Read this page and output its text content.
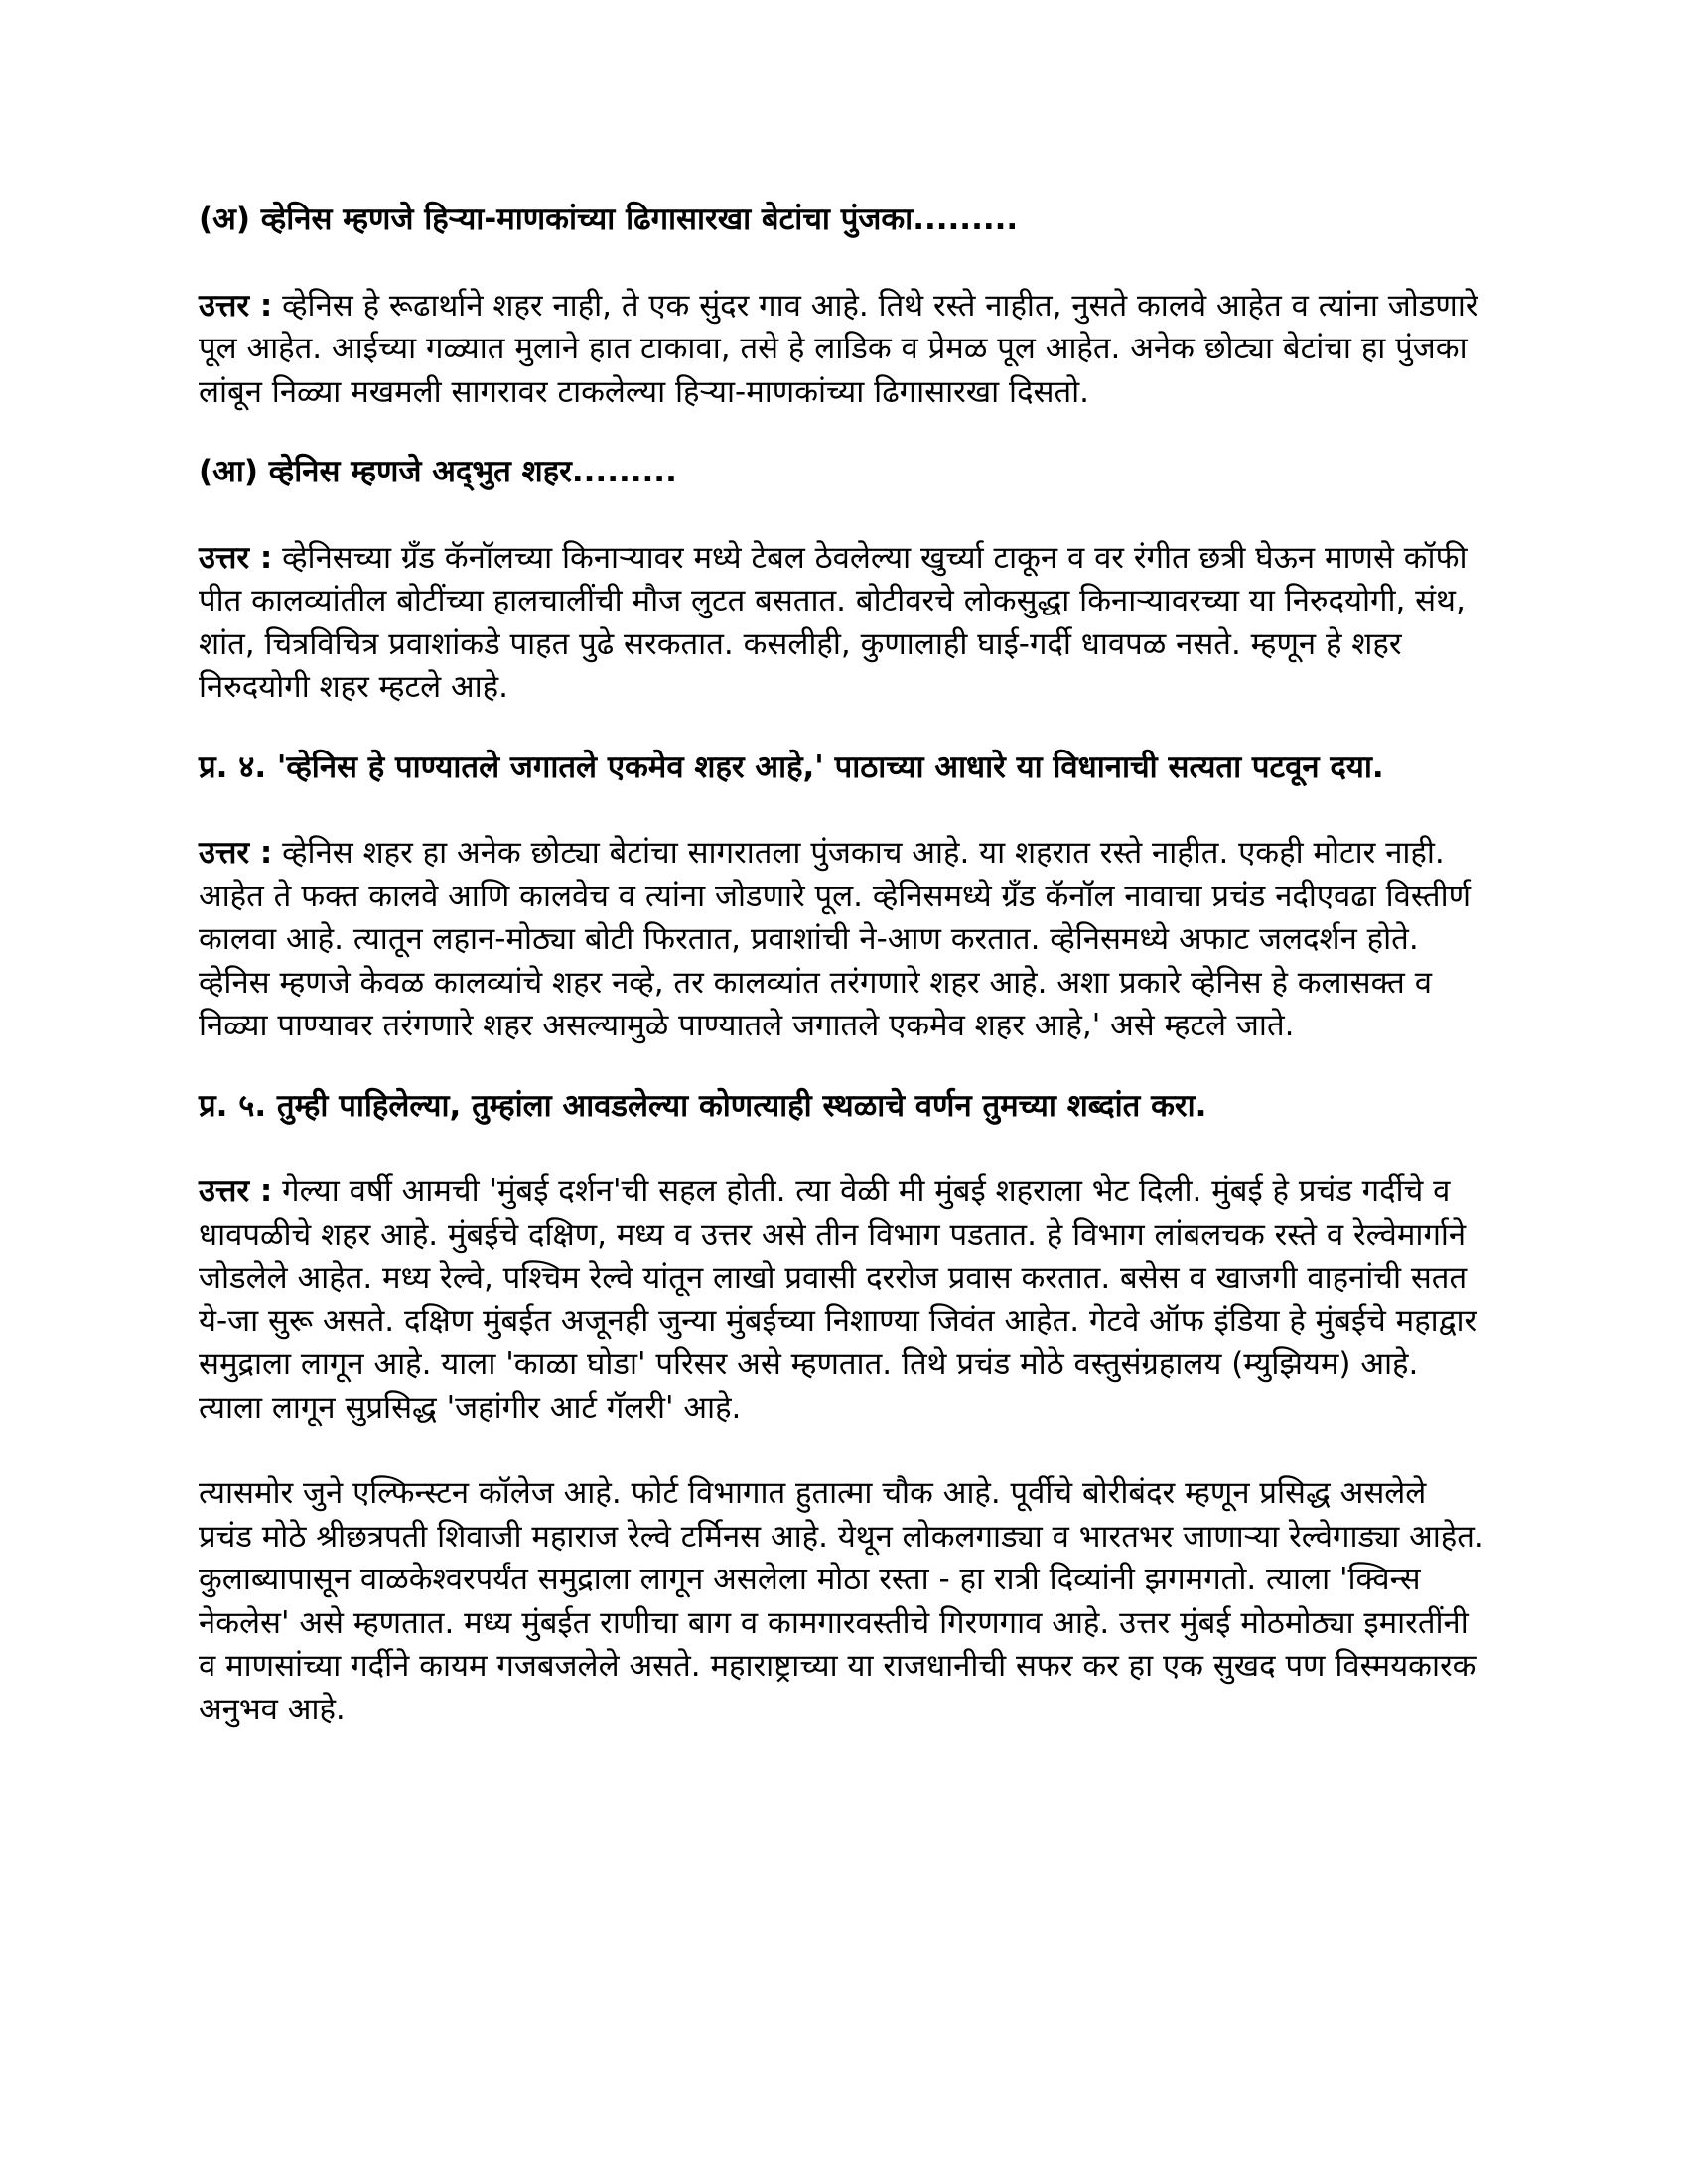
(अ) व्हेनिस म्हणजे हिऱ्या-माणकांच्या ढिगासारखा बेटांचा पुंजका.........

उत्तर : व्हेनिस हे रूढार्थाने शहर नाही, ते एक सुंदर गाव आहे. तिथे रस्ते नाहीत, नुसते कालवे आहेत व त्यांना जोडणारे पूल आहेत. आईच्या गळ्यात मुलाने हात टाकावा, तसे हे लाडिक व प्रेमळ पूल आहेत. अनेक छोट्या बेटांचा हा पुंजका लांबून निळ्या मखमली सागरावर टाकलेल्या हिऱ्या-माणकांच्या ढिगासारखा दिसतो.

(आ) व्हेनिस म्हणजे अद्‌भुत शहर.........

उत्तर : व्हेनिसच्या ग्रँड कॅनॉलच्या किनाऱ्यावर मध्ये टेबल ठेवलेल्या खुर्च्या टाकून व वर रंगीत छत्री घेऊन माणसे कॉफी पीत कालव्यांतील बोटींच्या हालचालींची मौज लुटत बसतात. बोटीवरचे लोकसुद्धा किनाऱ्यावरच्या या निरुदयोगी, संथ, शांत, चित्रविचित्र प्रवाशांकडे पाहत पुढे सरकतात. कसलीही, कुणालाही घाई-गर्दी धावपळ नसते. म्हणून हे शहर निरुदयोगी शहर म्हटले आहे.

प्र. ४. 'व्हेनिस हे पाण्यातले जगातले एकमेव शहर आहे,' पाठाच्या आधारे या विधानाची सत्यता पटवून दया.

उत्तर : व्हेनिस शहर हा अनेक छोट्या बेटांचा सागरातला पुंजकाच आहे. या शहरात रस्ते नाहीत. एकही मोटार नाही. आहेत ते फक्त कालवे आणि कालवेच व त्यांना जोडणारे पूल. व्हेनिसमध्ये ग्रँड कॅनॉल नावाचा प्रचंड नदीएवढा विस्तीर्ण कालवा आहे. त्यातून लहान-मोठ्या बोटी फिरतात, प्रवाशांची ने-आण करतात. व्हेनिसमध्ये अफाट जलदर्शन होते. व्हेनिस म्हणजे केवळ कालव्यांचे शहर नव्हे, तर कालव्यांत तरंगणारे शहर आहे. अशा प्रकारे व्हेनिस हे कलासक्त व निळ्या पाण्यावर तरंगणारे शहर असल्यामुळे पाण्यातले जगातले एकमेव शहर आहे,' असे म्हटले जाते.

प्र. ५. तुम्ही पाहिलेल्या, तुम्हांला आवडलेल्या कोणत्याही स्थळाचे वर्णन तुमच्या शब्दांत करा.

उत्तर : गेल्या वर्षी आमची 'मुंबई दर्शन'ची सहल होती. त्या वेळी मी मुंबई शहराला भेट दिली. मुंबई हे प्रचंड गर्दीचे व धावपळीचे शहर आहे. मुंबईचे दक्षिण, मध्य व उत्तर असे तीन विभाग पडतात. हे विभाग लांबलचक रस्ते व रेल्वेमार्गाने जोडलेले आहेत. मध्य रेल्वे, पश्चिम रेल्वे यांतून लाखो प्रवासी दररोज प्रवास करतात. बसेस व खाजगी वाहनांची सतत ये-जा सुरू असते. दक्षिण मुंबईत अजूनही जुन्या मुंबईच्या निशाण्या जिवंत आहेत. गेटवे ऑफ इंडिया हे मुंबईचे महाद्वार समुद्राला लागून आहे. याला 'काळा घोडा' परिसर असे म्हणतात. तिथे प्रचंड मोठे वस्तुसंग्रहालय (म्युझियम) आहे. त्याला लागून सुप्रसिद्ध 'जहांगीर आर्ट गॅलरी' आहे.

त्यासमोर जुने एल्फिन्स्टन कॉलेज आहे. फोर्ट विभागात हुतात्मा चौक आहे. पूर्वीचे बोरीबंदर म्हणून प्रसिद्ध असलेले प्रचंड मोठे श्रीछत्रपती शिवाजी महाराज रेल्वे टर्मिनस आहे. येथून लोकलगाड्या व भारतभर जाणाऱ्या रेल्वेगाड्या आहेत. कुलाब्यापासून वाळकेश्वरपर्यंत समुद्राला लागून असलेला मोठा रस्ता - हा रात्री दिव्यांनी झगमगतो. त्याला 'क्विन्स नेकलेस' असे म्हणतात. मध्य मुंबईत राणीचा बाग व कामगारवस्तीचे गिरणगाव आहे. उत्तर मुंबई मोठमोठ्या इमारतींनी व माणसांच्या गर्दीने कायम गजबजलेले असते. महाराष्ट्राच्या या राजधानीची सफर कर हा एक सुखद पण विस्मयकारक अनुभव आहे.
